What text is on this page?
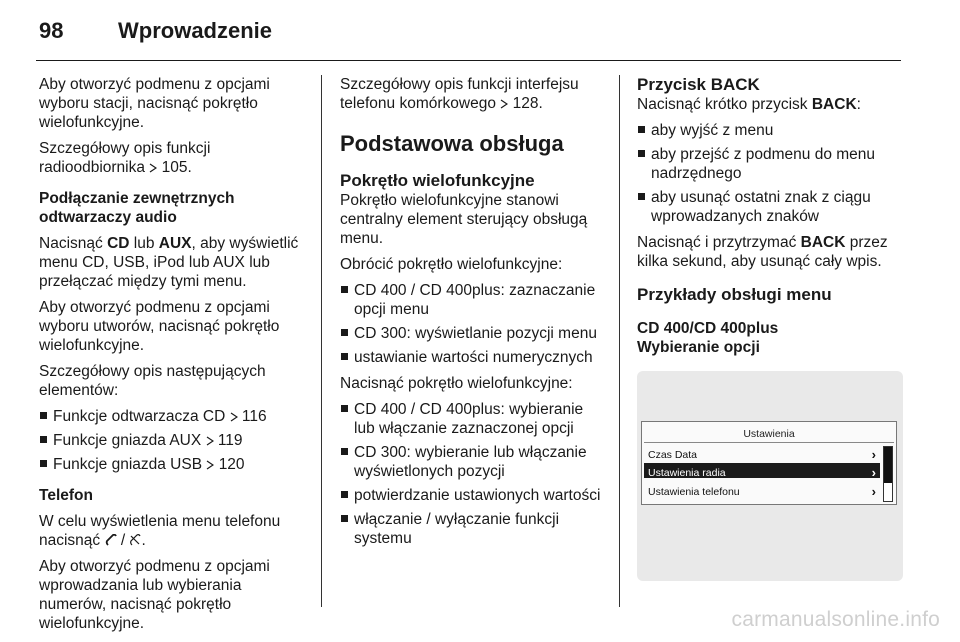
98 Wprowadzenie

Aby otworzyć podmenu z opcjami wyboru stacji, nacisnąć pokrętło wielofunkcyjne.

Szczegółowy opis funkcji radioodbiornika 105.

Podłączanie zewnętrznych odtwarzaczy audio

Nacisnąć CD lub AUX, aby wyświetlić menu CD, USB, iPod lub AUX lub przełączać między tymi menu.

Aby otworzyć podmenu z opcjami wyboru utworów, nacisnąć pokrętło wielofunkcyjne.

Szczegółowy opis następujących elementów:

Funkcje odtwarzacza CD 116
Funkcje gniazda AUX 119
Funkcje gniazda USB 120

Telefon

W celu wyświetlenia menu telefonu nacisnąć / .

Aby otworzyć podmenu z opcjami wprowadzania lub wybierania numerów, nacisnąć pokrętło wielofunkcyjne.

Szczegółowy opis funkcji interfejsu telefonu komórkowego 128.

Podstawowa obsługa
Pokrętło wielofunkcyjne

Pokrętło wielofunkcyjne stanowi centralny element sterujący obsługą menu.

Obrócić pokrętło wielofunkcyjne:

CD 400 / CD 400plus: zaznaczanie opcji menu
CD 300: wyświetlanie pozycji menu
ustawianie wartości numerycznych

Nacisnąć pokrętło wielofunkcyjne:

CD 400 / CD 400plus: wybieranie lub włączanie zaznaczonej opcji
CD 300: wybieranie lub włączanie wyświetlonych pozycji
potwierdzanie ustawionych wartości
włączanie / wyłączanie funkcji systemu
Przycisk BACK

Nacisnąć krótko przycisk BACK:

aby wyjść z menu
aby przejść z podmenu do menu nadrzędnego
aby usunąć ostatni znak z ciągu wprowadzanych znaków

Nacisnąć i przytrzymać BACK przez kilka sekund, aby usunąć cały wpis.

Przykłady obsługi menu

CD 400/CD 400plus

Wybieranie opcji

Ustawienia
Czas Data	›
Ustawienia radia	›
Ustawienia telefonu	›
carmanualsonline.info
